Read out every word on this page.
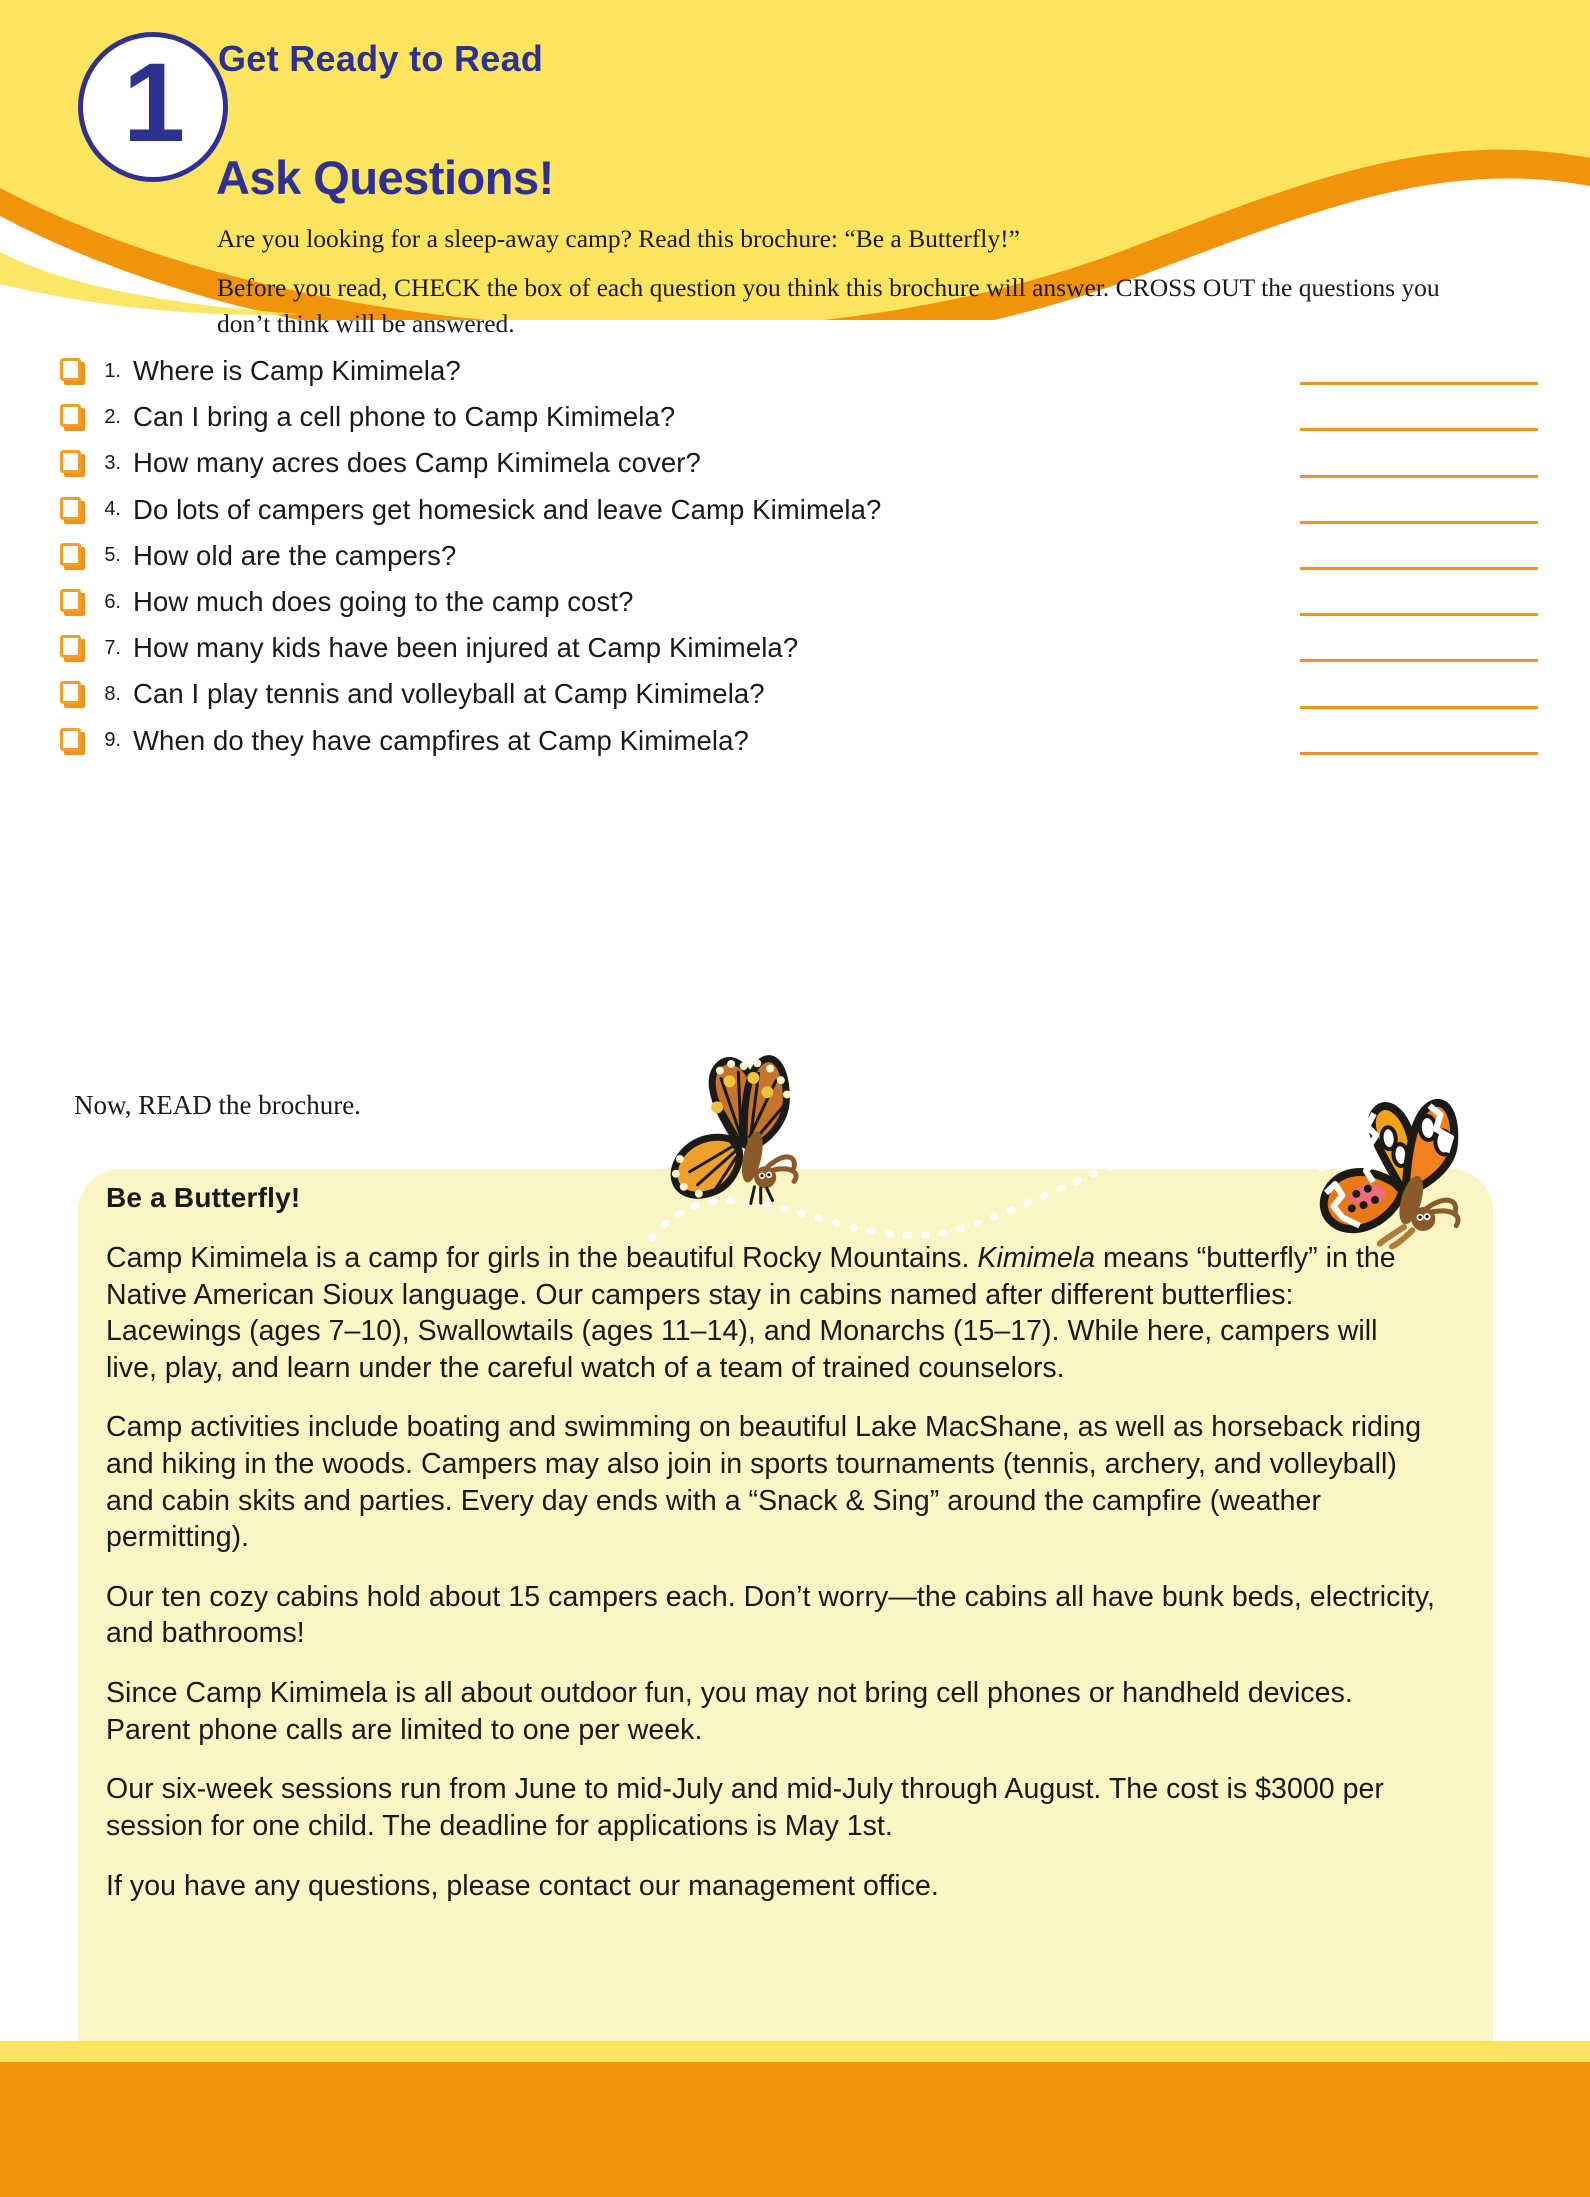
1 Get Ready to Read
Ask Questions!
Are you looking for a sleep-away camp? Read this brochure: “Be a Butterfly!”
Before you read, CHECK the box of each question you think this brochure will answer. CROSS OUT the questions you don’t think will be answered.
1. Where is Camp Kimimela?
2. Can I bring a cell phone to Camp Kimimela?
3. How many acres does Camp Kimimela cover?
4. Do lots of campers get homesick and leave Camp Kimimela?
5. How old are the campers?
6. How much does going to the camp cost?
7. How many kids have been injured at Camp Kimimela?
8. Can I play tennis and volleyball at Camp Kimimela?
9. When do they have campfires at Camp Kimimela?
Now, READ the brochure.
Be a Butterfly!
Camp Kimimela is a camp for girls in the beautiful Rocky Mountains. Kimimela means “butterfly” in the Native American Sioux language. Our campers stay in cabins named after different butterflies: Lacewings (ages 7–10), Swallowtails (ages 11–14), and Monarchs (15–17). While here, campers will live, play, and learn under the careful watch of a team of trained counselors.
Camp activities include boating and swimming on beautiful Lake MacShane, as well as horseback riding and hiking in the woods. Campers may also join in sports tournaments (tennis, archery, and volleyball) and cabin skits and parties. Every day ends with a “Snack & Sing” around the campfire (weather permitting).
Our ten cozy cabins hold about 15 campers each. Don’t worry—the cabins all have bunk beds, electricity, and bathrooms!
Since Camp Kimimela is all about outdoor fun, you may not bring cell phones or handheld devices. Parent phone calls are limited to one per week.
Our six-week sessions run from June to mid-July and mid-July through August. The cost is $3000 per session for one child. The deadline for applications is May 1st.
If you have any questions, please contact our management office.
